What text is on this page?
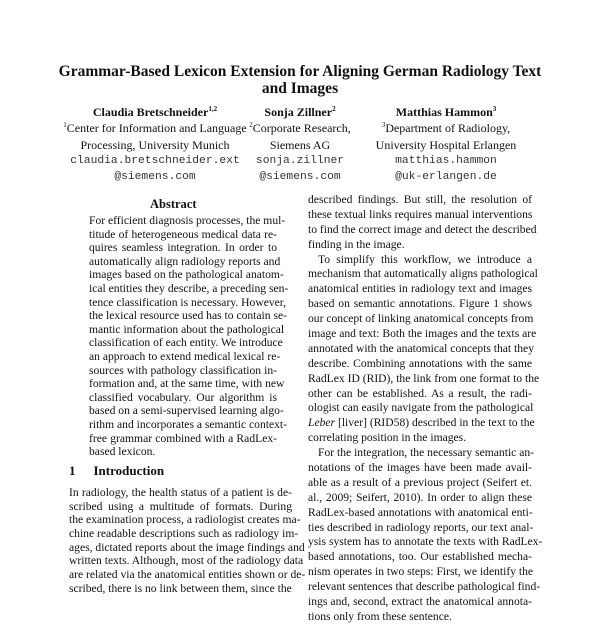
Grammar-Based Lexicon Extension for Aligning German Radiology Text
and Images
Claudia Bretschneider$^{1,2}$
$^1$Center for Information and Language
Processing, University Munich
claudia.bretschneider.ext
@siemens.com
Sonja Zillner$^2$
$^2$Corporate Research,
Siemens AG
sonja.zillner
@siemens.com
Matthias Hammon$^3$
$^3$Department of Radiology,
University Hospital Erlangen
matthias.hammon
@uk-erlangen.de
Abstract
For efficient diagnosis processes, the mul-
titude of heterogeneous medical data re-
quires seamless integration. In order to
automatically align radiology reports and
images based on the pathological anatom-
ical entities they describe, a preceding sen-
tence classification is necessary. However,
the lexical resource used has to contain se-
mantic information about the pathological
classification of each entity. We introduce
an approach to extend medical lexical re-
sources with pathology classification in-
formation and, at the same time, with new
classified vocabulary. Our algorithm is
based on a semi-supervised learning algo-
rithm and incorporates a semantic context-
free grammar combined with a RadLex-
based lexicon.
1 Introduction
In radiology, the health status of a patient is de-
scribed using a multitude of formats. During
the examination process, a radiologist creates ma-
chine readable descriptions such as radiology im-
ages, dictated reports about the image findings and
written texts. Although, most of the radiology data
are related via the anatomical entities shown or de-
scribed, there is no link between them, since the
described findings. But still, the resolution of
these textual links requires manual interventions
to find the correct image and detect the described
finding in the image.
To simplify this workflow, we introduce a
mechanism that automatically aligns pathological
anatomical entities in radiology text and images
based on semantic annotations. Figure 1 shows
our concept of linking anatomical concepts from
image and text: Both the images and the texts are
annotated with the anatomical concepts that they
describe. Combining annotations with the same
RadLex ID (RID), the link from one format to the
other can be established. As a result, the radi-
ologist can easily navigate from the pathological
Leber [liver] (RID58) described in the text to the
correlating position in the images.
For the integration, the necessary semantic an-
notations of the images have been made avail-
able as a result of a previous project (Seifert et.
al., 2009; Seifert, 2010). In order to align these
RadLex-based annotations with anatomical enti-
ties described in radiology reports, our text anal-
ysis system has to annotate the texts with RadLex-
based annotations, too. Our established mecha-
nism operates in two steps: First, we identify the
relevant sentences that describe pathological find-
ings and, second, extract the anatomical annota-
tions only from these sentence.
